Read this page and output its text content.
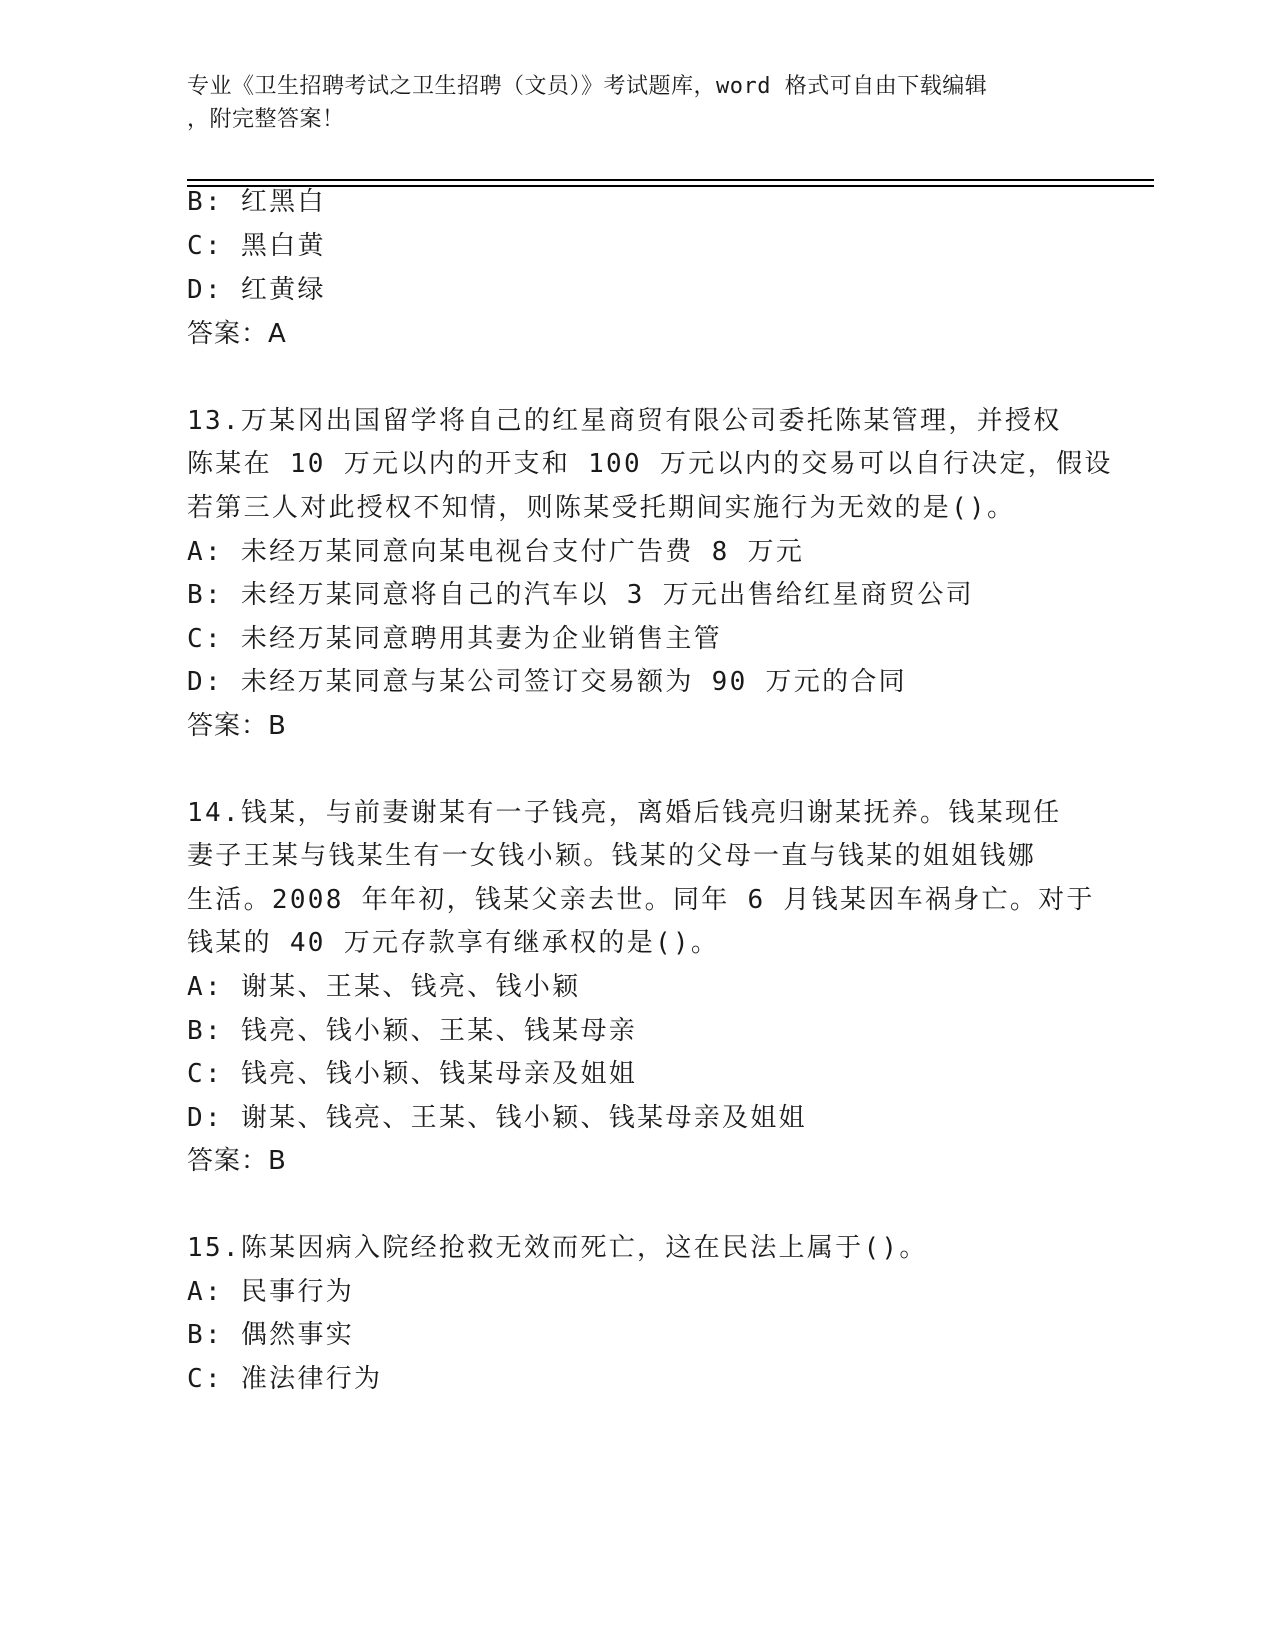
专业《卫生招聘考试之卫生招聘（文员）》考试题库，word 格式可自由下载编辑
，附完整答案！
B: 红黑白
C: 黑白黄
D: 红黄绿
答案：A
13.万某冈出国留学将自己的红星商贸有限公司委托陈某管理，并授权
陈某在 10 万元以内的开支和 100 万元以内的交易可以自行决定，假设
若第三人对此授权不知情，则陈某受托期间实施行为无效的是()。
A: 未经万某同意向某电视台支付广告费 8 万元
B: 未经万某同意将自己的汽车以 3 万元出售给红星商贸公司
C: 未经万某同意聘用其妻为企业销售主管
D: 未经万某同意与某公司签订交易额为 90 万元的合同
答案：B
14.钱某，与前妻谢某有一子钱亮，离婚后钱亮归谢某抚养。钱某现任
妻子王某与钱某生有一女钱小颖。钱某的父母一直与钱某的姐姐钱娜
生活。2008 年年初，钱某父亲去世。同年 6 月钱某因车祸身亡。对于
钱某的 40 万元存款享有继承权的是()。
A: 谢某、王某、钱亮、钱小颖
B: 钱亮、钱小颖、王某、钱某母亲
C: 钱亮、钱小颖、钱某母亲及姐姐
D: 谢某、钱亮、王某、钱小颖、钱某母亲及姐姐
答案：B
15.陈某因病入院经抢救无效而死亡，这在民法上属于()。
A: 民事行为
B: 偶然事实
C: 准法律行为
